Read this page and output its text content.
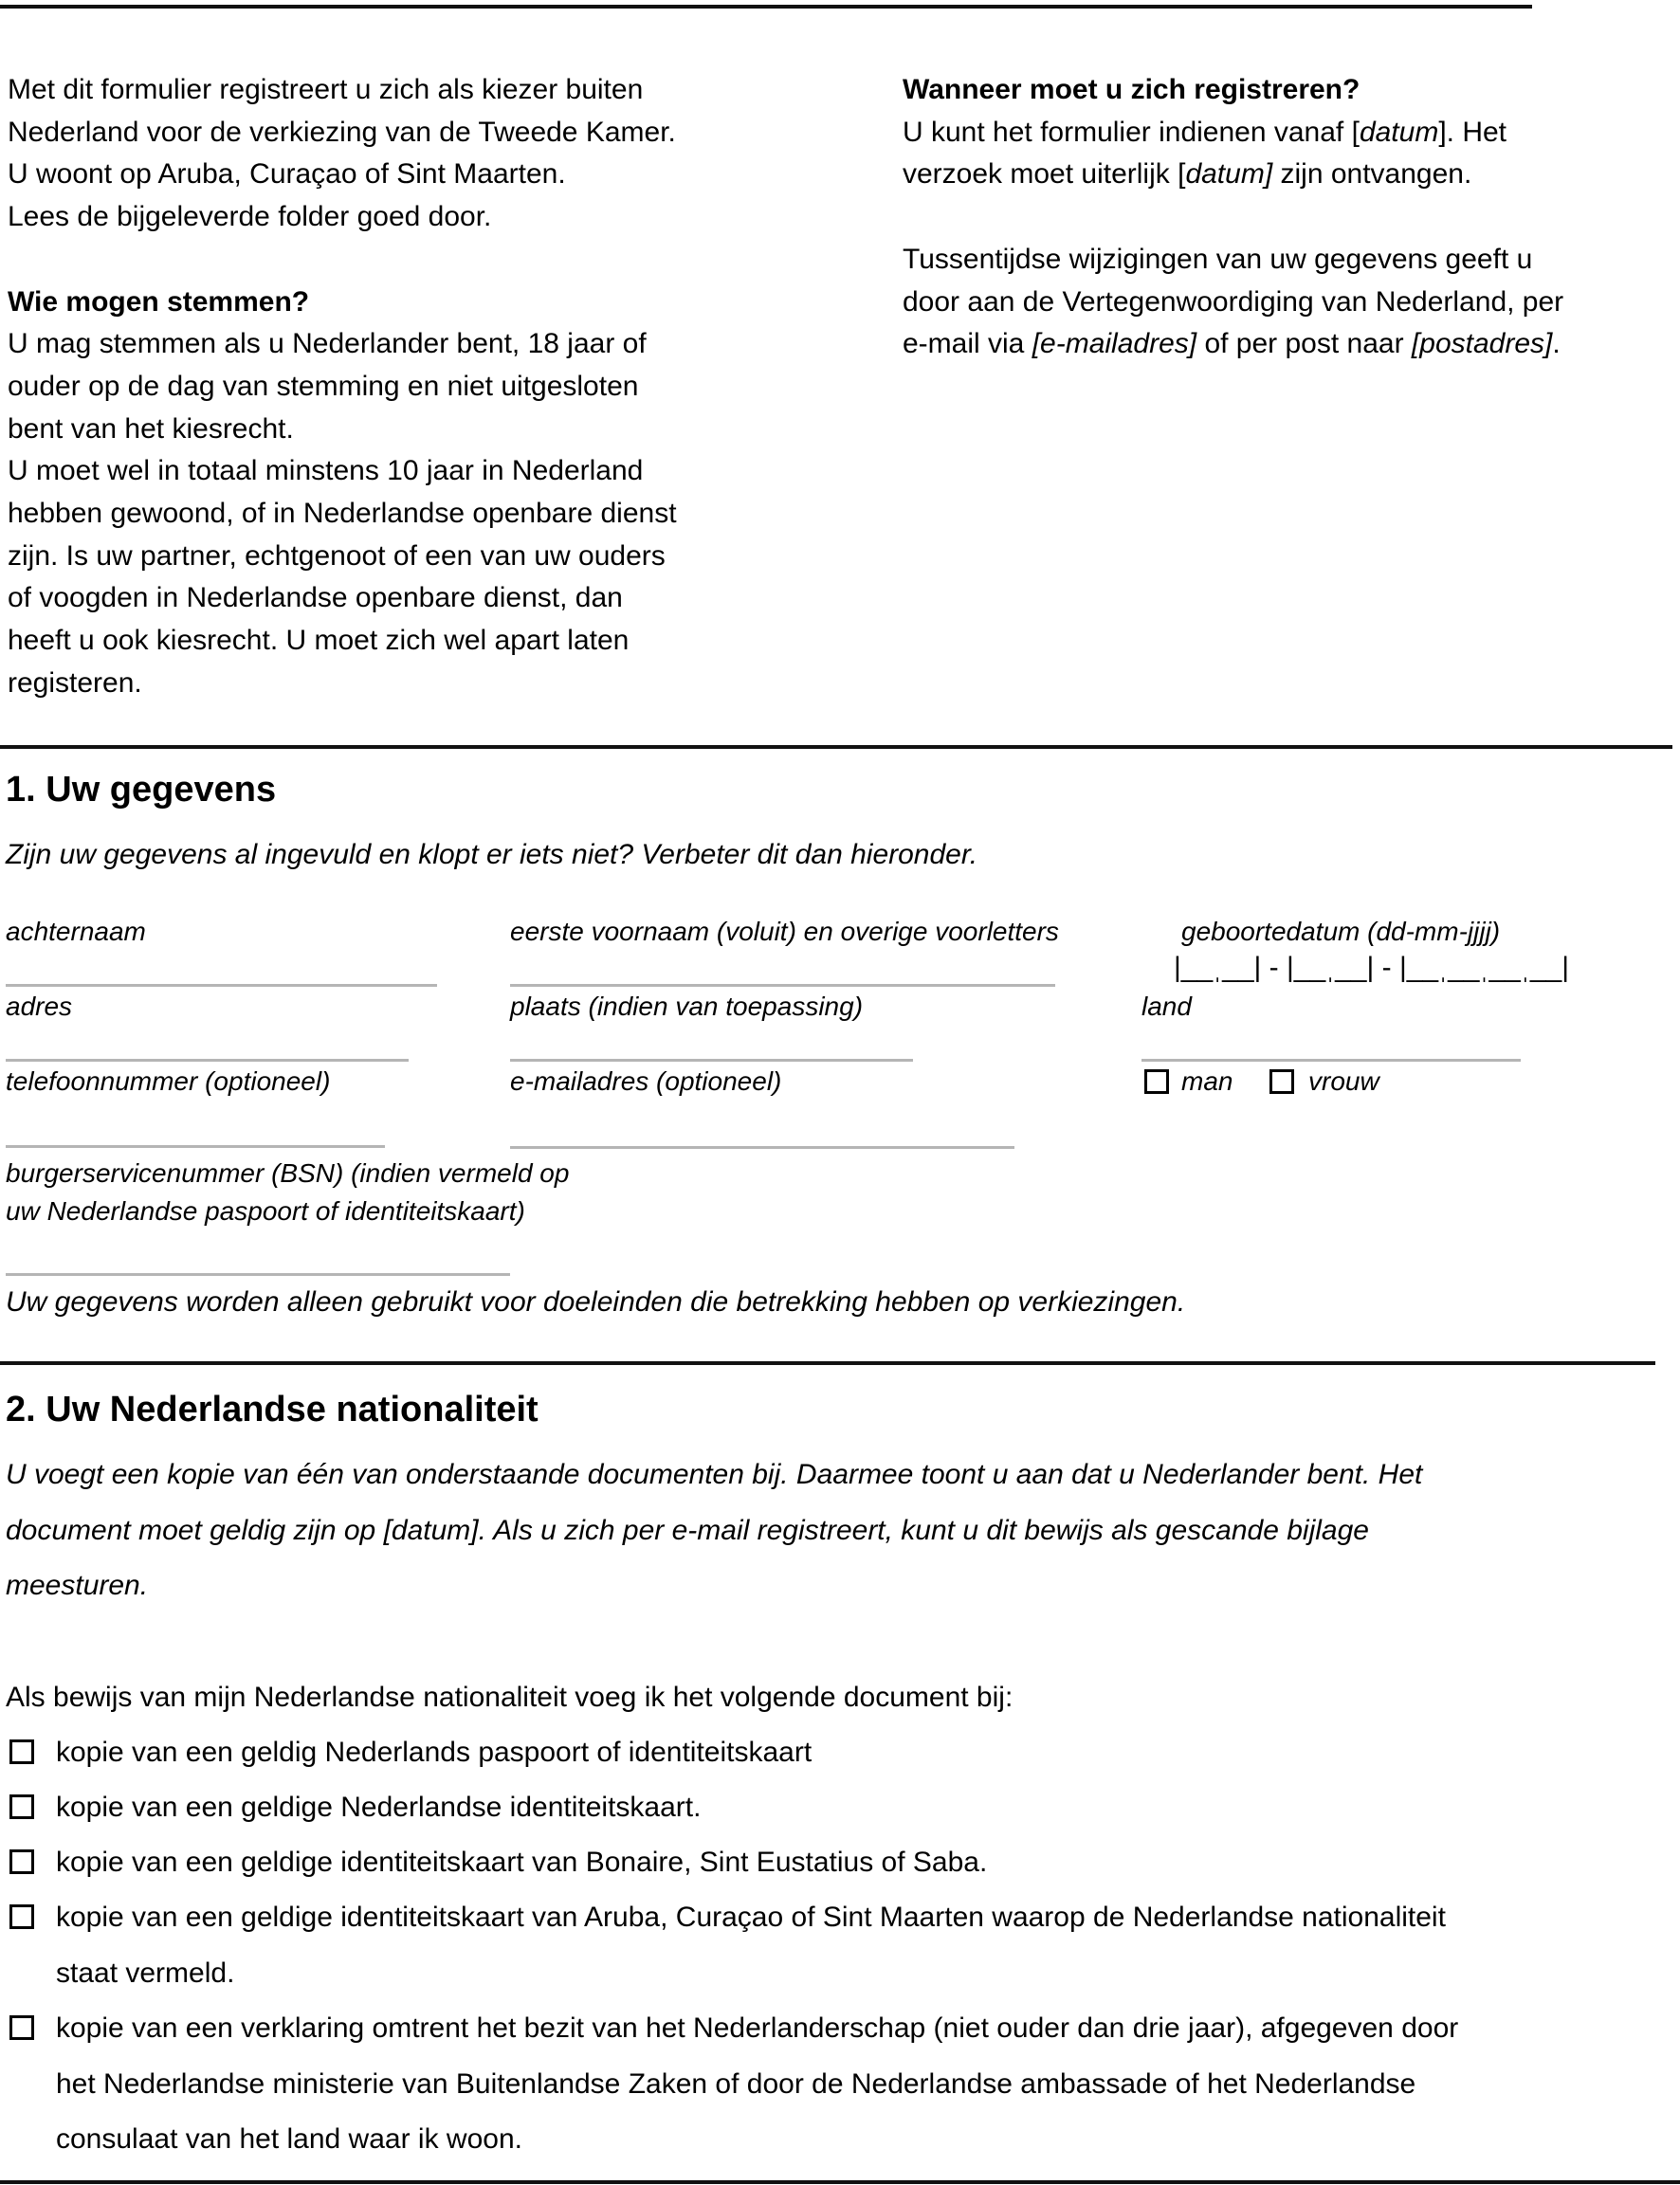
Met dit formulier registreert u zich als kiezer buiten
Nederland voor de verkiezing van de Tweede Kamer.
U woont op Aruba, Curaçao of Sint Maarten.
Lees de bijgeleverde folder goed door.
Wie mogen stemmen?
U mag stemmen als u Nederlander bent, 18 jaar of
ouder op de dag van stemming en niet uitgesloten
bent van het kiesrecht.
U moet wel in totaal minstens 10 jaar in Nederland
hebben gewoond, of in Nederlandse openbare dienst
zijn. Is uw partner, echtgenoot of een van uw ouders
of voogden in Nederlandse openbare dienst, dan
heeft u ook kiesrecht. U moet zich wel apart laten
registeren.
Wanneer moet u zich registreren?
U kunt het formulier indienen vanaf [datum]. Het
verzoek moet uiterlijk [datum] zijn ontvangen.
Tussentijdse wijzigingen van uw gegevens geeft u
door aan de Vertegenwoordiging van Nederland, per
e-mail via [e-mailadres] of per post naar [postadres].
1. Uw gegevens
Zijn uw gegevens al ingevuld en klopt er iets niet? Verbeter dit dan hieronder.
achternaam	eerste voornaam (voluit) en overige voorletters	geboortedatum (dd-mm-jjjj)
|__ˌ__| - |__ˌ__| - |__ˌ__ˌ__ˌ__|
adres	plaats (indien van toepassing)	land
telefoonnummer (optioneel)	e-mailadres (optioneel)	man	vrouw
burgerservicenummer (BSN) (indien vermeld op
uw Nederlandse paspoort of identiteitskaart)
Uw gegevens worden alleen gebruikt voor doeleinden die betrekking hebben op verkiezingen.
2. Uw Nederlandse nationaliteit
U voegt een kopie van één van onderstaande documenten bij. Daarmee toont u aan dat u Nederlander bent. Het
document moet geldig zijn op [datum]. Als u zich per e-mail registreert, kunt u dit bewijs als gescande bijlage
meesturen.
Als bewijs van mijn Nederlandse nationaliteit voeg ik het volgende document bij:
kopie van een geldig Nederlands paspoort of identiteitskaart
kopie van een geldige Nederlandse identiteitskaart.
kopie van een geldige identiteitskaart van Bonaire, Sint Eustatius of Saba.
kopie van een geldige identiteitskaart van Aruba, Curaçao of Sint Maarten waarop de Nederlandse nationaliteit
staat vermeld.
kopie van een verklaring omtrent het bezit van het Nederlanderschap (niet ouder dan drie jaar), afgegeven door
het Nederlandse ministerie van Buitenlandse Zaken of door de Nederlandse ambassade of het Nederlandse
consulaat van het land waar ik woon.
